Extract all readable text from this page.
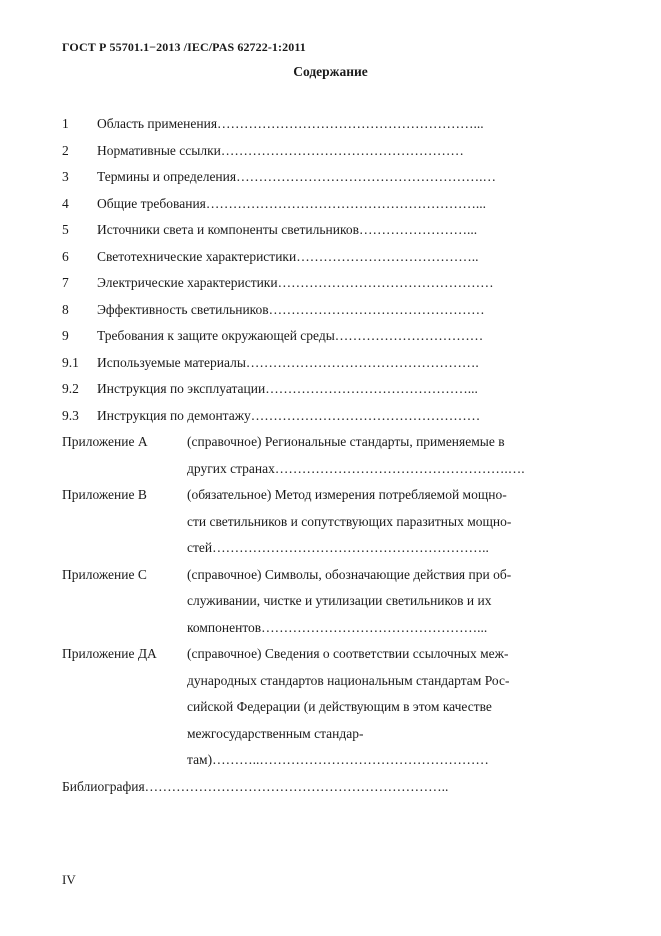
ГОСТ Р 55701.1−2013 /IEC/PAS 62722-1:2011
Содержание
1	Область применения…………………………………………………...
2	Нормативные ссылки………………………………………………
3	Термины и определения……………………………………………….…
4	Общие требования……………………………………………………...
5	Источники света и компоненты светильников……………………...
6	Светотехнические характеристики…………………………………..
7	Электрические характеристики…………………………………………
8	Эффективность светильников…………………………………………
9	Требования к защите окружающей среды……………………………
9.1	Используемые материалы…………………………………………….
9.2	Инструкция по эксплуатации………………………………………...
9.3	Инструкция по демонтажу……………………………………………
Приложение А	(справочное) Региональные стандарты, применяемые в
других странах…………………………………………….….
Приложение В	(обязательное) Метод измерения потребляемой мощно-
сти светильников и сопутствующих паразитных мощно-
стей……………………………………………………..
Приложение С	(справочное) Символы, обозначающие действия при об-
служивании, чистке и утилизации светильников и их
компонентов…………………………………………...
Приложение ДА	(справочное) Сведения о соответствии ссылочных меж-
дународных стандартов национальным стандартам Рос-
сийской Федерации (и действующим в этом качестве
межгосударственным стандар-
там)………..……………………………………………
Библиография…………………………………………………………..
IV
